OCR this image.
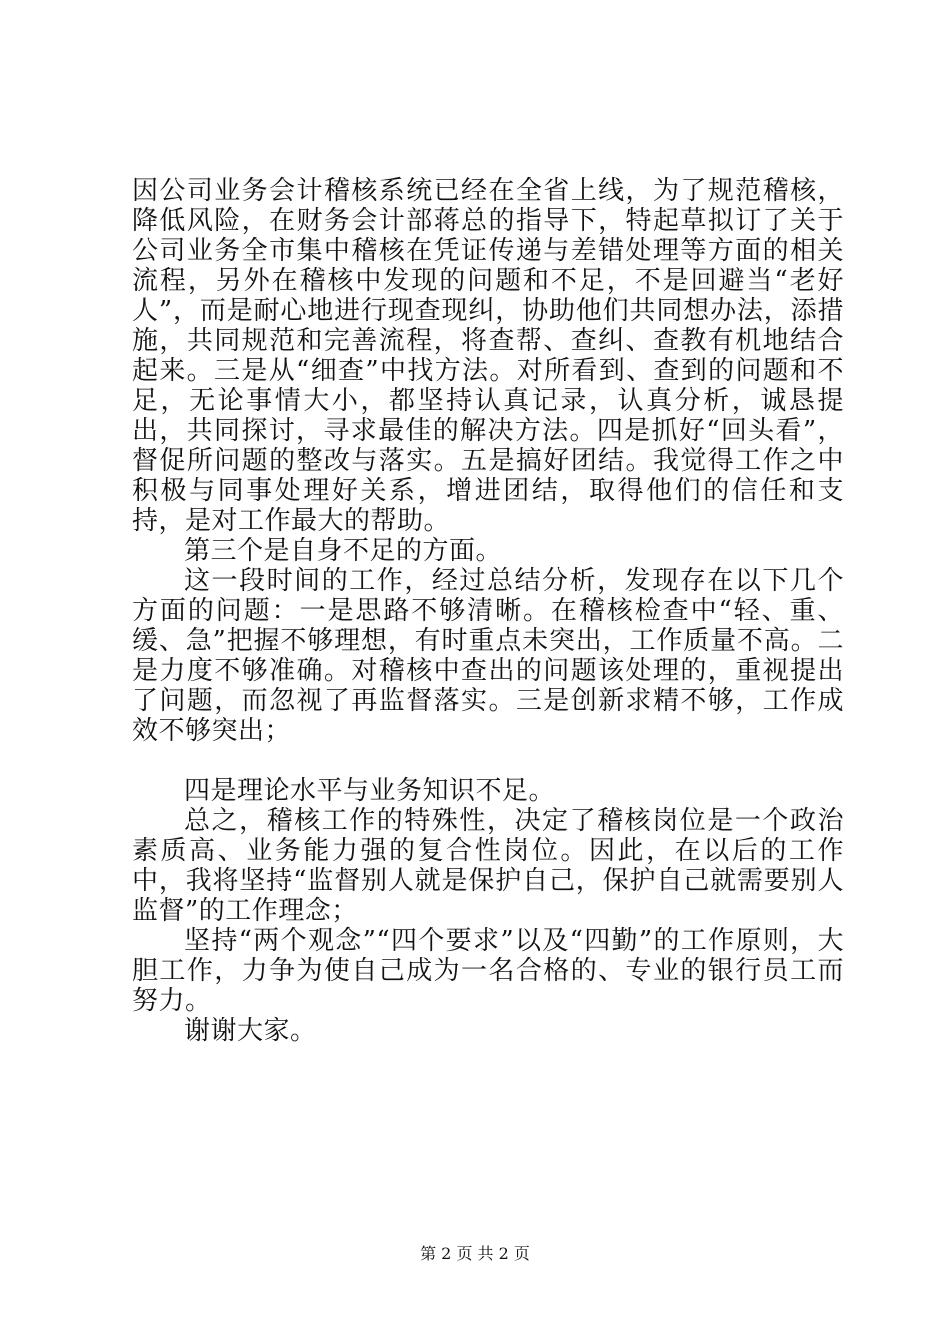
因公司业务会计稽核系统已经在全省上线，为了规范稽核，降低风险，在财务会计部蒋总的指导下，特起草拟订了关于公司业务全市集中稽核在凭证传递与差错处理等方面的相关流程，另外在稽核中发现的问题和不足，不是回避当“老好人”，而是耐心地进行现查现纠，协助他们共同想办法，添措施，共同规范和完善流程，将查帮、查纠、查教有机地结合起来。三是从“细查”中找方法。对所看到、查到的问题和不足，无论事情大小，都坚持认真记录，认真分析，诚恳提出，共同探讨，寻求最佳的解决方法。四是抓好“回头看”，督促所问题的整改与落实。五是搞好团结。我觉得工作之中积极与同事处理好关系，增进团结，取得他们的信任和支持，是对工作最大的帮助。

第三个是自身不足的方面。

这一段时间的工作，经过总结分析，发现存在以下几个方面的问题：一是思路不够清晰。在稽核检查中“轻、重、缓、急”把握不够理想，有时重点未突出，工作质量不高。二是力度不够准确。对稽核中查出的问题该处理的，重视提出了问题，而忽视了再监督落实。三是创新求精不够，工作成效不够突出；

四是理论水平与业务知识不足。

总之，稽核工作的特殊性，决定了稽核岗位是一个政治素质高、业务能力强的复合性岗位。因此，在以后的工作中，我将坚持“监督别人就是保护自己，保护自己就需要别人监督”的工作理念；

坚持“两个观念”“四个要求”以及“四勤”的工作原则，大胆工作，力争为使自己成为一名合格的、专业的银行员工而努力。

谢谢大家。

第 2 页 共 2 页
